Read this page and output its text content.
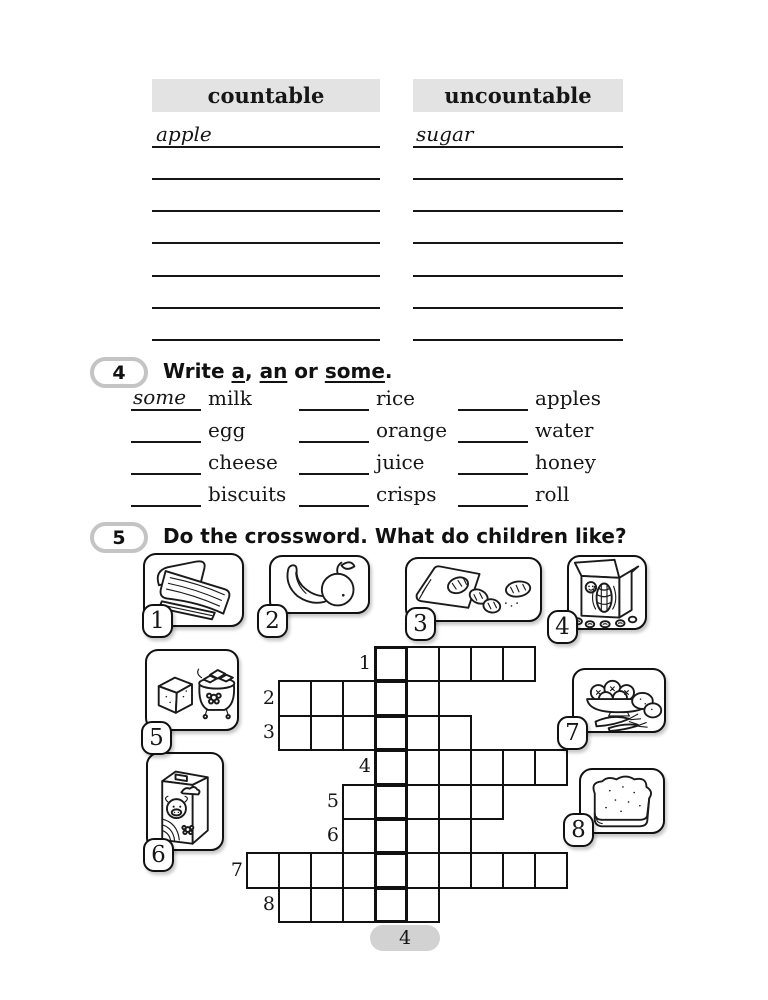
countable	uncountable
apple	sugar
4	Write a, an or some.
some milk	rice	apples
egg	orange	water
cheese	juice	honey
biscuits	crisps	roll
5	Do the crossword. What do children like?
1	2	3	4
5
6
7
8
1
2
3
4
5
6
7
8
4
